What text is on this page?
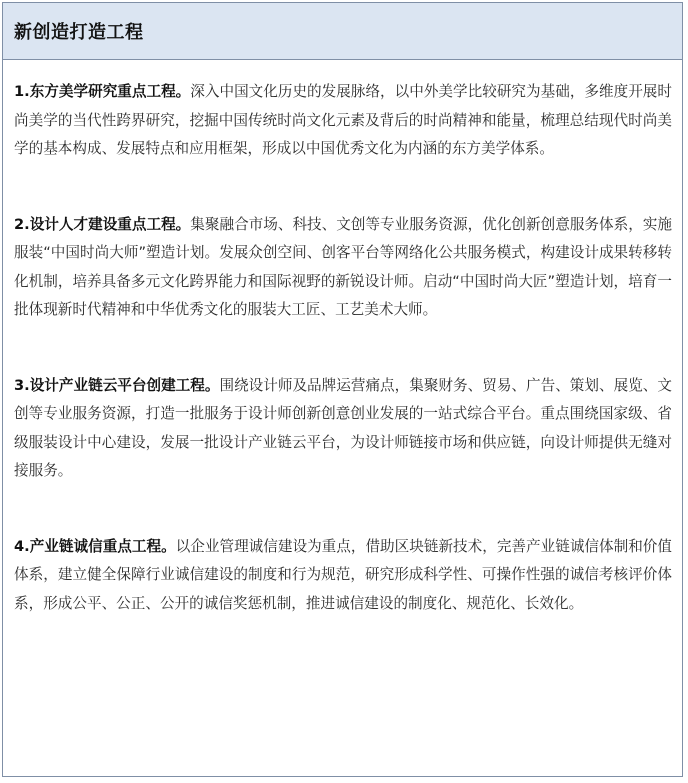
新创造打造工程

1.东方美学研究重点工程。深入中国文化历史的发展脉络，以中外美学比较研究为基础，多维度开展时尚美学的当代性跨界研究，挖掘中国传统时尚文化元素及背后的时尚精神和能量，梳理总结现代时尚美学的基本构成、发展特点和应用框架，形成以中国优秀文化为内涵的东方美学体系。

2.设计人才建设重点工程。集聚融合市场、科技、文创等专业服务资源，优化创新创意服务体系，实施服装“中国时尚大师”塑造计划。发展众创空间、创客平台等网络化公共服务模式，构建设计成果转移转化机制，培养具备多元文化跨界能力和国际视野的新锐设计师。启动“中国时尚大匠”塑造计划，培育一批体现新时代精神和中华优秀文化的服装大工匠、工艺美术大师。

3.设计产业链云平台创建工程。围绕设计师及品牌运营痛点，集聚财务、贸易、广告、策划、展览、文创等专业服务资源，打造一批服务于设计师创新创意创业发展的一站式综合平台。重点围绕国家级、省级服装设计中心建设，发展一批设计产业链云平台，为设计师链接市场和供应链，向设计师提供无缝对接服务。

4.产业链诚信重点工程。以企业管理诚信建设为重点，借助区块链新技术，完善产业链诚信体制和价值体系，建立健全保障行业诚信建设的制度和行为规范，研究形成科学性、可操作性强的诚信考核评价体系，形成公平、公正、公开的诚信奖惩机制，推进诚信建设的制度化、规范化、长效化。
